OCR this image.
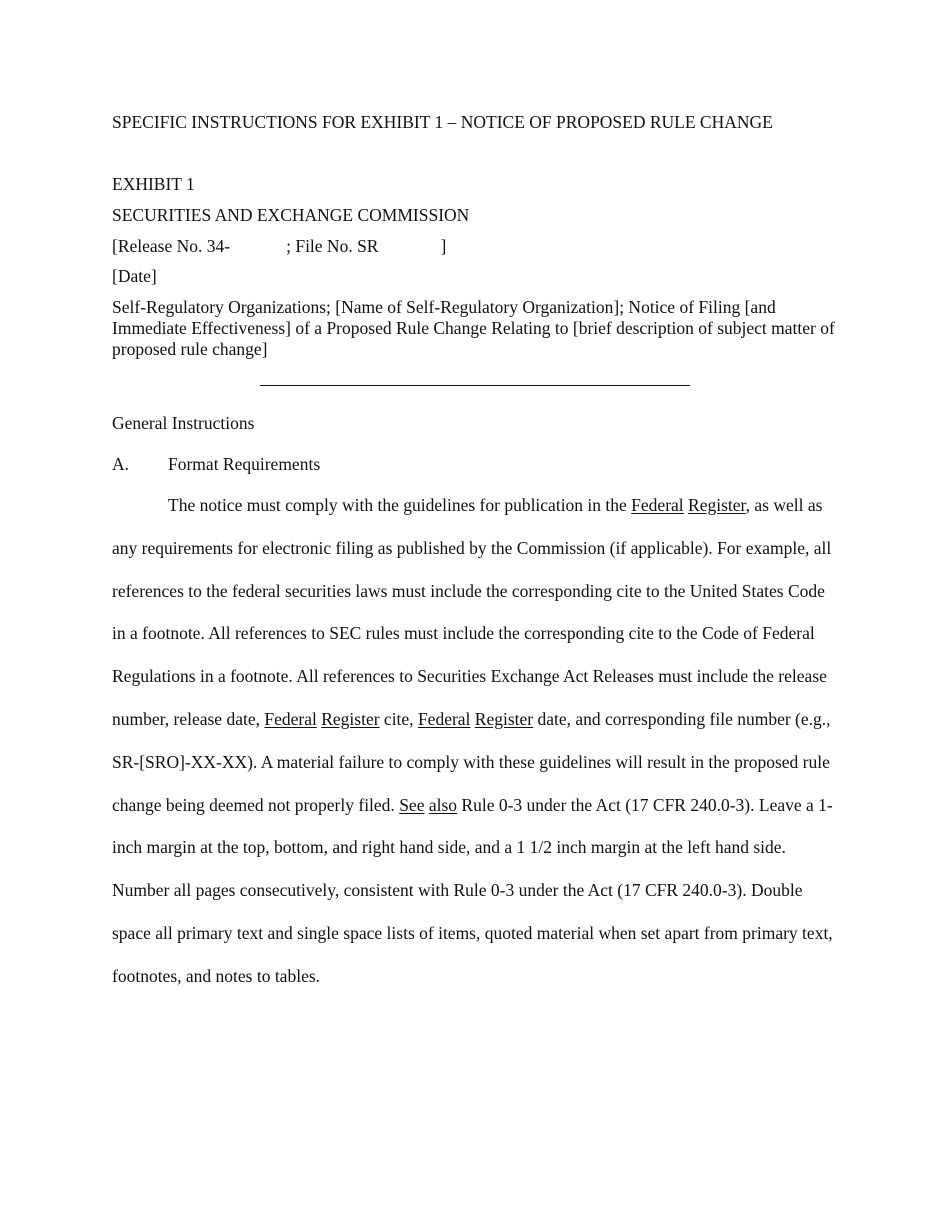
SPECIFIC INSTRUCTIONS FOR EXHIBIT 1 – NOTICE OF PROPOSED RULE CHANGE
EXHIBIT 1
SECURITIES AND EXCHANGE COMMISSION
[Release No. 34-	; File No. SR	]
[Date]
Self-Regulatory Organizations; [Name of Self-Regulatory Organization]; Notice of Filing [and Immediate Effectiveness] of a Proposed Rule Change Relating to [brief description of subject matter of proposed rule change]
General Instructions
A. Format Requirements
The notice must comply with the guidelines for publication in the Federal Register, as well as any requirements for electronic filing as published by the Commission (if applicable). For example, all references to the federal securities laws must include the corresponding cite to the United States Code in a footnote. All references to SEC rules must include the corresponding cite to the Code of Federal Regulations in a footnote. All references to Securities Exchange Act Releases must include the release number, release date, Federal Register cite, Federal Register date, and corresponding file number (e.g., SR-[SRO]-XX-XX). A material failure to comply with these guidelines will result in the proposed rule change being deemed not properly filed. See also Rule 0-3 under the Act (17 CFR 240.0-3). Leave a 1-inch margin at the top, bottom, and right hand side, and a 1 1/2 inch margin at the left hand side. Number all pages consecutively, consistent with Rule 0-3 under the Act (17 CFR 240.0-3). Double space all primary text and single space lists of items, quoted material when set apart from primary text, footnotes, and notes to tables.
